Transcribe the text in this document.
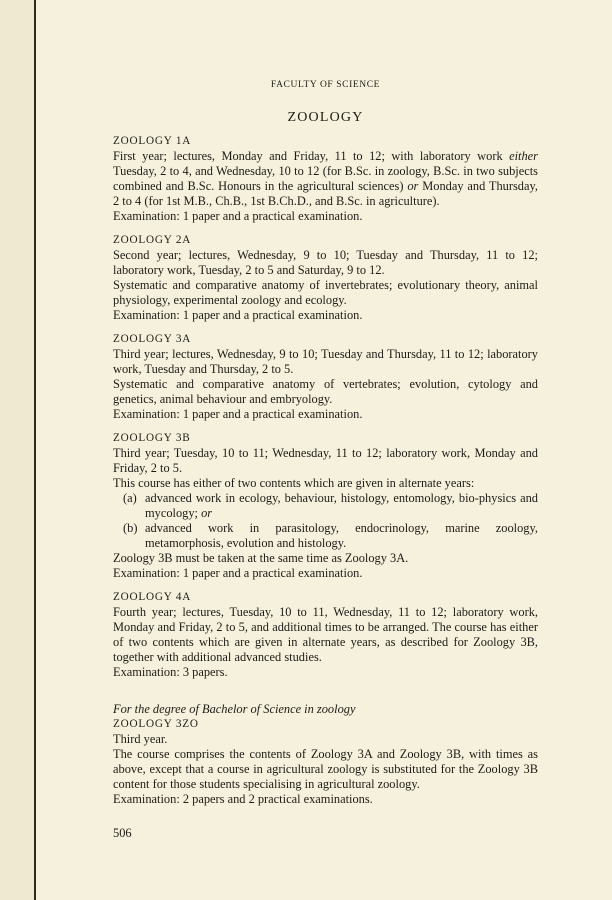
FACULTY OF SCIENCE
ZOOLOGY

ZOOLOGY 1A

First year; lectures, Monday and Friday, 11 to 12; with laboratory work either Tuesday, 2 to 4, and Wednesday, 10 to 12 (for B.Sc. in zoology, B.Sc. in two subjects combined and B.Sc. Honours in the agricultural sciences) or Monday and Thursday, 2 to 4 (for 1st M.B., Ch.B., 1st B.Ch.D., and B.Sc. in agriculture).

Examination: 1 paper and a practical examination.

ZOOLOGY 2A

Second year; lectures, Wednesday, 9 to 10; Tuesday and Thursday, 11 to 12; laboratory work, Tuesday, 2 to 5 and Saturday, 9 to 12.

Systematic and comparative anatomy of invertebrates; evolutionary theory, animal physiology, experimental zoology and ecology.

Examination: 1 paper and a practical examination.

ZOOLOGY 3A

Third year; lectures, Wednesday, 9 to 10; Tuesday and Thursday, 11 to 12; laboratory work, Tuesday and Thursday, 2 to 5.

Systematic and comparative anatomy of vertebrates; evolution, cytology and genetics, animal behaviour and embryology.

Examination: 1 paper and a practical examination.

ZOOLOGY 3B

Third year; Tuesday, 10 to 11; Wednesday, 11 to 12; laboratory work, Monday and Friday, 2 to 5.

This course has either of two contents which are given in alternate years:

(a) advanced work in ecology, behaviour, histology, entomology, bio-physics and mycology; or
(b) advanced work in parasitology, endocrinology, marine zoology, metamorphosis, evolution and histology.

Zoology 3B must be taken at the same time as Zoology 3A.

Examination: 1 paper and a practical examination.

ZOOLOGY 4A

Fourth year; lectures, Tuesday, 10 to 11, Wednesday, 11 to 12; laboratory work, Monday and Friday, 2 to 5, and additional times to be arranged. The course has either of two contents which are given in alternate years, as described for Zoology 3B, together with additional advanced studies.

Examination: 3 papers.

For the degree of Bachelor of Science in zoology

ZOOLOGY 3ZO

Third year.

The course comprises the contents of Zoology 3A and Zoology 3B, with times as above, except that a course in agricultural zoology is substituted for the Zoology 3B content for those students specialising in agricultural zoology.

Examination: 2 papers and 2 practical examinations.

506
